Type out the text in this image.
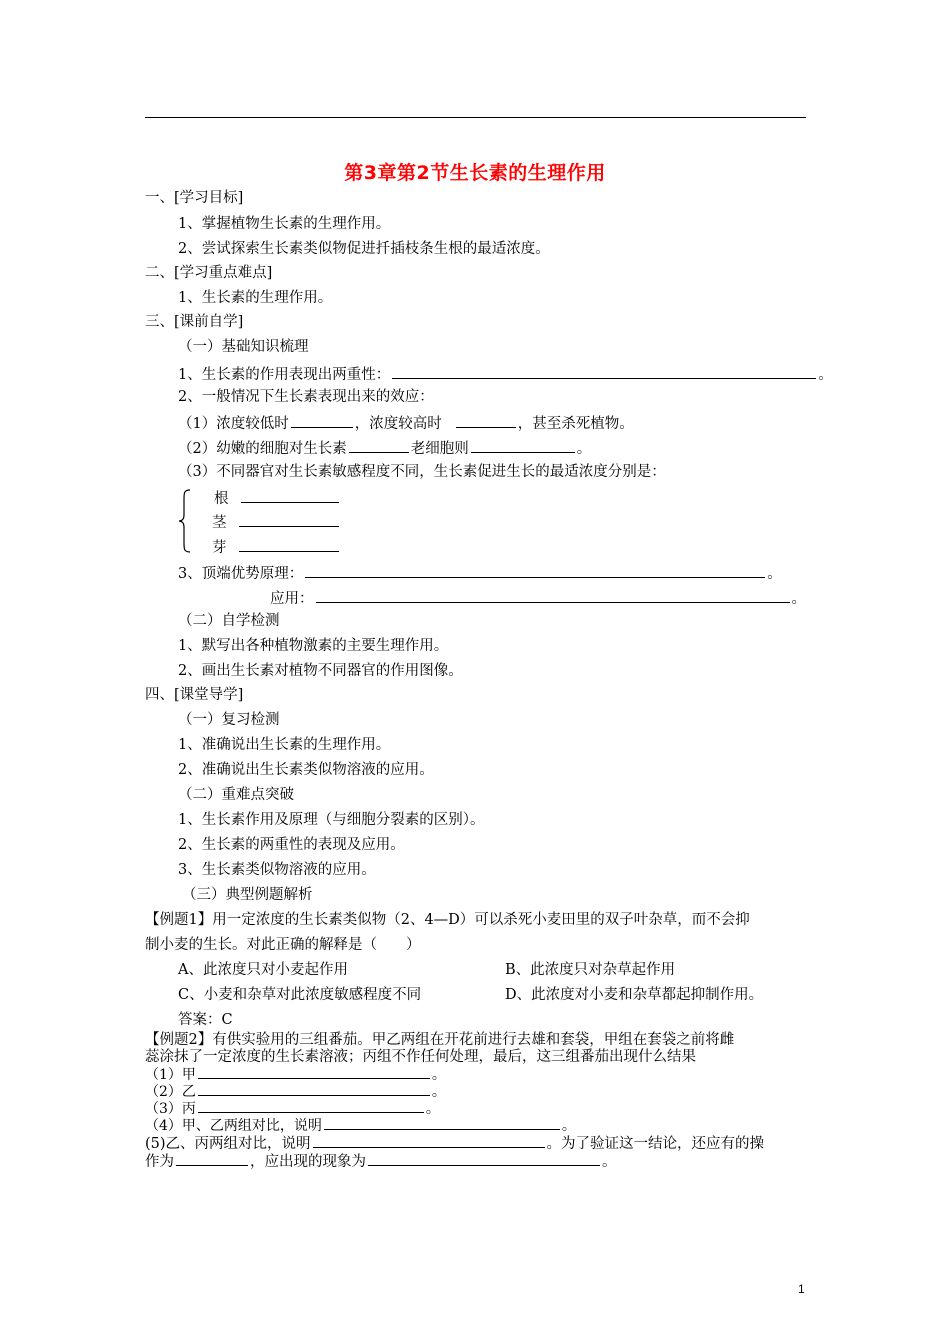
第3章第2节生长素的生理作用
一、[学习目标]
1、掌握植物生长素的生理作用。
2、尝试探索生长素类似物促进扦插枝条生根的最适浓度。
二、[学习重点难点]
1、生长素的生理作用。
三、[课前自学]
（一）基础知识梳理
1、生长素的作用表现出两重性：	。
2、一般情况下生长素表现出来的效应：
（1）浓度较低时	，浓度较高时	，甚至杀死植物。
（2）幼嫩的细胞对生长素	老细胞则	。
（3）不同器官对生长素敏感程度不同，生长素促进生长的最适浓度分别是：
根
茎
芽
3、顶端优势原理：	。
应用：	。
（二）自学检测
1、默写出各种植物激素的主要生理作用。
2、画出生长素对植物不同器官的作用图像。
四、[课堂导学]
（一）复习检测
1、准确说出生长素的生理作用。
2、准确说出生长素类似物溶液的应用。
（二）重难点突破
1、生长素作用及原理（与细胞分裂素的区别）。
2、生长素的两重性的表现及应用。
3、生长素类似物溶液的应用。
（三）典型例题解析
【例题1】用一定浓度的生长素类似物（2、4—D）可以杀死小麦田里的双子叶杂草，而不会抑
制小麦的生长。对此正确的解释是（　　）
A、此浓度只对小麦起作用	B、此浓度只对杂草起作用
C、小麦和杂草对此浓度敏感程度不同	D、此浓度对小麦和杂草都起抑制作用。
答案：C
【例题2】有供实验用的三组番茄。甲乙两组在开花前进行去雄和套袋，甲组在套袋之前将雌
蕊涂抹了一定浓度的生长素溶液；丙组不作任何处理，最后，这三组番茄出现什么结果
（1）甲	。
（2）乙	。
（3）丙	。
（4）甲、乙两组对比，说明	。
(5)乙、丙两组对比，说明	。为了验证这一结论，还应有的操
作为	，应出现的现象为	。
1
